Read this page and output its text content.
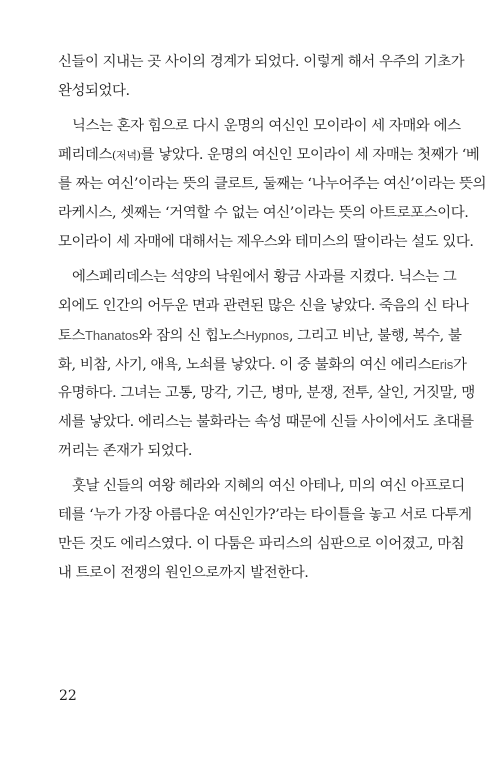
신들이 지내는 곳 사이의 경계가 되었다. 이렇게 해서 우주의 기초가
완성되었다.
닉스는 혼자 힘으로 다시 운명의 여신인 모이라이 세 자매와 에스
페리데스(저녁)를 낳았다. 운명의 여신인 모이라이 세 자매는 첫째가 ‘베
를 짜는 여신’이라는 뜻의 클로트, 둘째는 ‘나누어주는 여신’이라는 뜻의
라케시스, 셋째는 ‘거역할 수 없는 여신’이라는 뜻의 아트로포스이다.
모이라이 세 자매에 대해서는 제우스와 테미스의 딸이라는 설도 있다.
에스페리데스는 석양의 낙원에서 황금 사과를 지켰다. 닉스는 그
외에도 인간의 어두운 면과 관련된 많은 신을 낳았다. 죽음의 신 타나
토스Thanatos와 잠의 신 힙노스Hypnos, 그리고 비난, 불행, 복수, 불
화, 비참, 사기, 애욕, 노쇠를 낳았다. 이 중 불화의 여신 에리스Eris가
유명하다. 그녀는 고통, 망각, 기근, 병마, 분쟁, 전투, 살인, 거짓말, 맹
세를 낳았다. 에리스는 불화라는 속성 때문에 신들 사이에서도 초대를
꺼리는 존재가 되었다.
훗날 신들의 여왕 헤라와 지혜의 여신 아테나, 미의 여신 아프로디
테를 ‘누가 가장 아름다운 여신인가?’라는 타이틀을 놓고 서로 다투게
만든 것도 에리스였다. 이 다툼은 파리스의 심판으로 이어졌고, 마침
내 트로이 전쟁의 원인으로까지 발전한다.
22
